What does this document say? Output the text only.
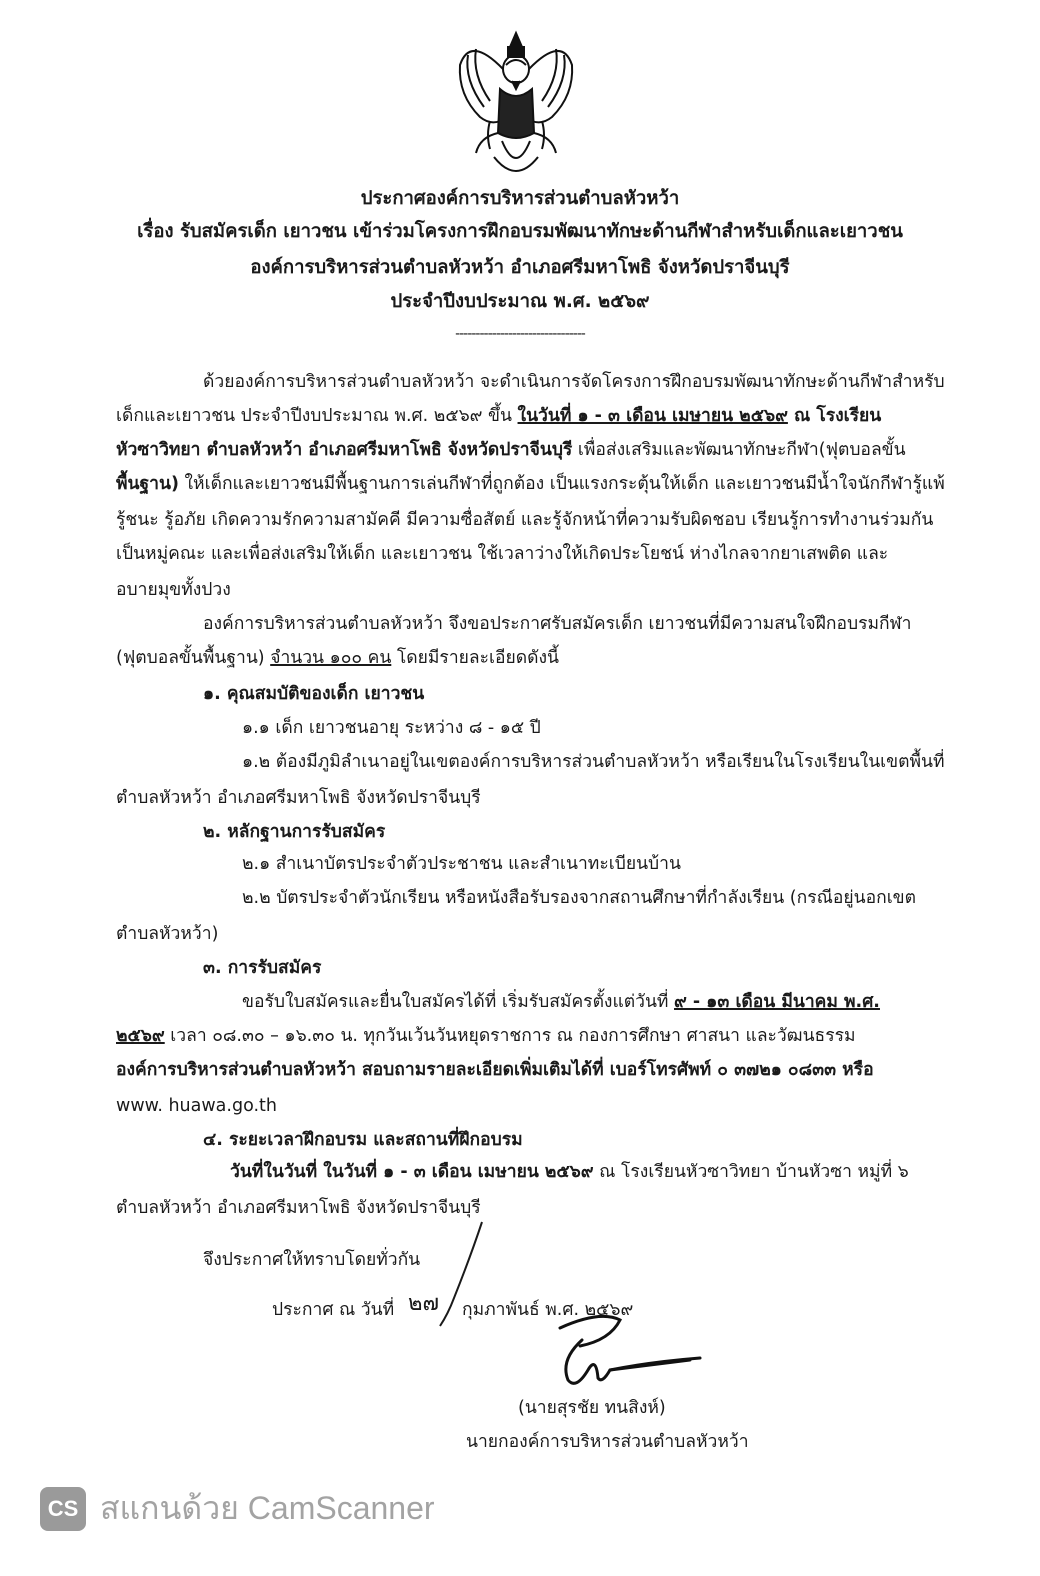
ประกาศองค์การบริหารส่วนตำบลหัวหว้า
เรื่อง รับสมัครเด็ก เยาวชน เข้าร่วมโครงการฝึกอบรมพัฒนาทักษะด้านกีฬาสำหรับเด็กและเยาวชน
องค์การบริหารส่วนตำบลหัวหว้า อำเภอศรีมหาโพธิ จังหวัดปราจีนบุรี
ประจำปีงบประมาณ พ.ศ. ๒๕๖๙
--------------------------------
ด้วยองค์การบริหารส่วนตำบลหัวหว้า จะดำเนินการจัดโครงการฝึกอบรมพัฒนาทักษะด้านกีฬาสำหรับ
เด็กและเยาวชน ประจำปีงบประมาณ พ.ศ. ๒๕๖๙ ขึ้น ในวันที่ ๑ - ๓ เดือน เมษายน ๒๕๖๙ ณ โรงเรียน
หัวซาวิทยา ตำบลหัวหว้า อำเภอศรีมหาโพธิ จังหวัดปราจีนบุรี เพื่อส่งเสริมและพัฒนาทักษะกีฬา(ฟุตบอลขั้น
พื้นฐาน) ให้เด็กและเยาวชนมีพื้นฐานการเล่นกีฬาที่ถูกต้อง เป็นแรงกระตุ้นให้เด็ก และเยาวชนมีน้ำใจนักกีฬารู้แพ้
รู้ชนะ รู้อภัย เกิดความรักความสามัคคี มีความซื่อสัตย์ และรู้จักหน้าที่ความรับผิดชอบ เรียนรู้การทำงานร่วมกัน
เป็นหมู่คณะ และเพื่อส่งเสริมให้เด็ก และเยาวชน ใช้เวลาว่างให้เกิดประโยชน์ ห่างไกลจากยาเสพติด และ
อบายมุขทั้งปวง
องค์การบริหารส่วนตำบลหัวหว้า จึงขอประกาศรับสมัครเด็ก เยาวชนที่มีความสนใจฝึกอบรมกีฬา
(ฟุตบอลขั้นพื้นฐาน) จำนวน ๑๐๐ คน โดยมีรายละเอียดดังนี้
๑. คุณสมบัติของเด็ก เยาวชน
๑.๑ เด็ก เยาวชนอายุ ระหว่าง ๘ - ๑๕ ปี
๑.๒ ต้องมีภูมิลำเนาอยู่ในเขตองค์การบริหารส่วนตำบลหัวหว้า หรือเรียนในโรงเรียนในเขตพื้นที่
ตำบลหัวหว้า อำเภอศรีมหาโพธิ จังหวัดปราจีนบุรี
๒. หลักฐานการรับสมัคร
๒.๑ สำเนาบัตรประจำตัวประชาชน และสำเนาทะเบียนบ้าน
๒.๒ บัตรประจำตัวนักเรียน หรือหนังสือรับรองจากสถานศึกษาที่กำลังเรียน (กรณีอยู่นอกเขต
ตำบลหัวหว้า)
๓. การรับสมัคร
ขอรับใบสมัครและยื่นใบสมัครได้ที่ เริ่มรับสมัครตั้งแต่วันที่ ๙ - ๑๓ เดือน มีนาคม พ.ศ.
๒๕๖๙ เวลา ๐๘.๓๐ – ๑๖.๓๐ น. ทุกวันเว้นวันหยุดราชการ ณ กองการศึกษา ศาสนา และวัฒนธรรม
องค์การบริหารส่วนตำบลหัวหว้า สอบถามรายละเอียดเพิ่มเติมได้ที่ เบอร์โทรศัพท์ ๐ ๓๗๒๑ ๐๘๓๓ หรือ
www. huawa.go.th
๔. ระยะเวลาฝึกอบรม และสถานที่ฝึกอบรม
วันที่ในวันที่ ในวันที่ ๑ - ๓ เดือน เมษายน ๒๕๖๙ ณ โรงเรียนหัวซาวิทยา บ้านหัวซา หมู่ที่ ๖
ตำบลหัวหว้า อำเภอศรีมหาโพธิ จังหวัดปราจีนบุรี
จึงประกาศให้ทราบโดยทั่วกัน
ประกาศ ณ วันที่ ๒๗ กุมภาพันธ์ พ.ศ. ๒๕๖๙
(นายสุรชัย ทนสิงห์)
นายกองค์การบริหารส่วนตำบลหัวหว้า
CS สแกนด้วย CamScanner
